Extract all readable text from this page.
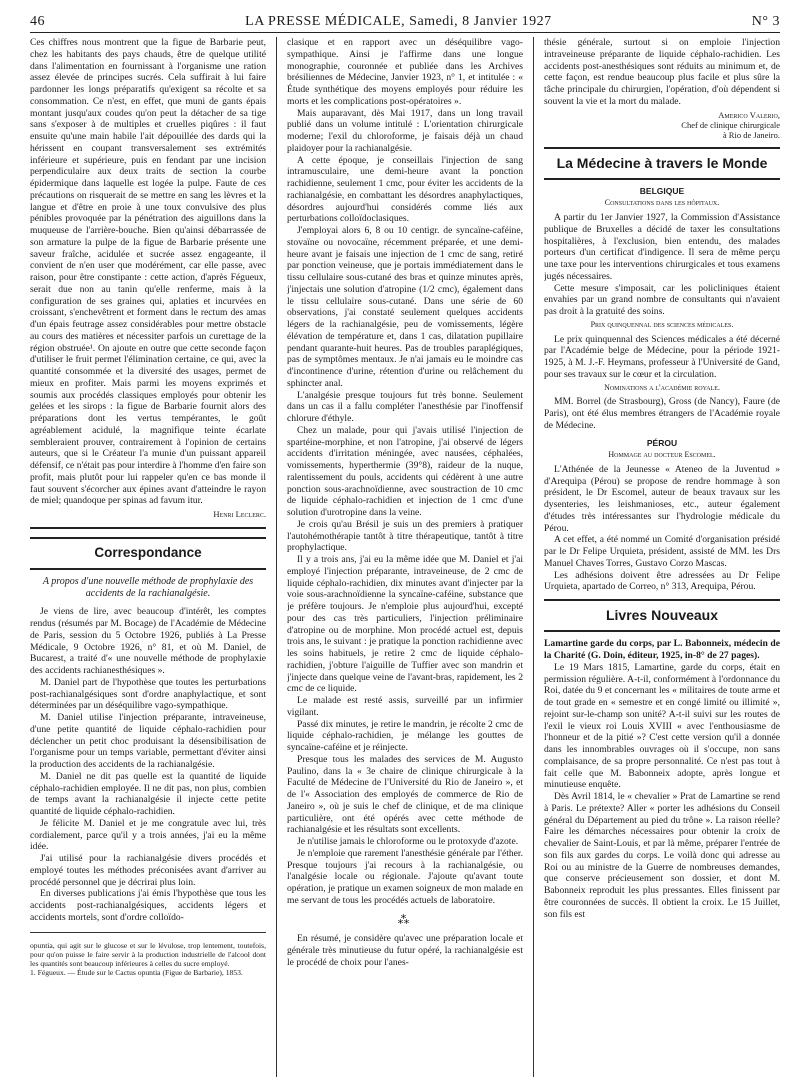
46	LA PRESSE MÉDICALE, Samedi, 8 Janvier 1927	N° 3

Ces chiffres nous montrent que la figue de Barbarie peut, chez les habitants des pays chauds, être de quelque utilité dans l'alimentation en fournissant à l'organisme une ration assez élevée de principes sucrés. Cela suffirait à lui faire pardonner les longs préparatifs qu'exigent sa récolte et sa consommation. Ce n'est, en effet, que muni de gants épais montant jusqu'aux coudes qu'on peut la détacher de sa tige sans s'exposer à de multiples et cruelles piqûres : il faut ensuite qu'une main habile l'ait dépouillée des dards qui la hérissent en coupant transversalement ses extrémités inférieure et supérieure, puis en fendant par une incision perpendiculaire aux deux traits de section la courbe épidermique dans laquelle est logée la pulpe. Faute de ces précautions on risquerait de se mettre en sang les lèvres et la langue et d'être en proie à une toux convulsive des plus pénibles provoquée par la pénétration des aiguillons dans la muqueuse de l'arrière-bouche. Bien qu'ainsi débarrassée de son armature la pulpe de la figue de Barbarie présente une saveur fraîche, acidulée et sucrée assez engageante, il convient de n'en user que modérément, car elle passe, avec raison, pour être constipante : cette action, d'après Fégueux, serait due non au tanin qu'elle renferme, mais à la configuration de ses graines qui, aplaties et incurvées en croissant, s'enchevêtrent et forment dans le rectum des amas d'un épais feutrage assez considérables pour mettre obstacle au cours des matières et nécessiter parfois un curettage de la région obstruée¹. On ajoute en outre que cette seconde façon d'utiliser le fruit permet l'élimination certaine, ce qui, avec la quantité consommée et la diversité des usages, permet de mieux en profiter. Mais parmi les moyens exprimés et soumis aux procédés classiques employés pour obtenir les gelées et les sirops : la figue de Barbarie fournit alors des préparations dont les vertus tempérantes, le goût agréablement acidulé, la magnifique teinte écarlate sembleraient prouver, contrairement à l'opinion de certains auteurs, que si le Créateur l'a munie d'un puissant appareil défensif, ce n'était pas pour interdire à l'homme d'en faire son profit, mais plutôt pour lui rappeler qu'en ce bas monde il faut souvent s'écorcher aux épines avant d'atteindre le rayon de miel; quandoque per spinas ad favum itur.

Henri Leclerc.
Correspondance
A propos d'une nouvelle méthode de prophylaxie des accidents de la rachianalgésie.

Je viens de lire, avec beaucoup d'intérêt, les comptes rendus (résumés par M. Bocage) de l'Académie de Médecine de Paris, session du 5 Octobre 1926, publiés à La Presse Médicale, 9 Octobre 1926, n° 81, et où M. Daniel, de Bucarest, a traité d'« une nouvelle méthode de prophylaxie des accidents rachianesthésiques ».

M. Daniel part de l'hypothèse que toutes les perturbations post-rachianalgésiques sont d'ordre anaphylactique, et sont déterminées par un déséquilibre vago-sympathique.

M. Daniel utilise l'injection préparante, intraveineuse, d'une petite quantité de liquide céphalo-rachidien pour déclencher un petit choc produisant la désensibilisation de l'organisme pour un temps variable, permettant d'éviter ainsi la production des accidents de la rachianalgésie.

M. Daniel ne dit pas quelle est la quantité de liquide céphalo-rachidien employée. Il ne dit pas, non plus, combien de temps avant la rachianalgésie il injecte cette petite quantité de liquide céphalo-rachidien.

Je félicite M. Daniel et je me congratule avec lui, très cordialement, parce qu'il y a trois années, j'ai eu la même idée.

J'ai utilisé pour la rachianalgésie divers procédés et employé toutes les méthodes préconisées avant d'arriver au procédé personnel que je décrirai plus loin.

En diverses publications j'ai émis l'hypothèse que tous les accidents post-rachianalgésiques, accidents légers et accidents mortels, sont d'ordre colloïdo-

opuntia, qui agit sur le glucose et sur le lévulose, trop lentement, toutefois, pour qu'on puisse le faire servir à la production industrielle de l'alcool dont les quantités sont beaucoup inférieures à celles du sucre employé.

1. Fégueux. — Étude sur le Cactus opuntia (Figue de Barbarie), 1853.

clasique et en rapport avec un déséquilibre vago-sympathique. Ainsi je l'affirme dans une longue monographie, couronnée et publiée dans les Archives brésiliennes de Médecine, Janvier 1923, n° 1, et intitulée : « Étude synthétique des moyens employés pour réduire les morts et les complications post-opératoires ».

Mais auparavant, dès Mai 1917, dans un long travail publié dans un volume intitulé : L'orientation chirurgicale moderne; l'exil du chloroforme, je faisais déjà un chaud plaidoyer pour la rachianalgésie.

A cette époque, je conseillais l'injection de sang intramusculaire, une demi-heure avant la ponction rachidienne, seulement 1 cmc, pour éviter les accidents de la rachianalgésie, en combattant les désordres anaphylactiques, désordres aujourd'hui considérés comme liés aux perturbations colloïdoclasiques.

J'employai alors 6, 8 ou 10 centigr. de syncaïne-caféine, stovaïne ou novocaïne, récemment préparée, et une demi-heure avant je faisais une injection de 1 cmc de sang, retiré par ponction veineuse, que je portais immédiatement dans le tissu cellulaire sous-cutané des bras et quinze minutes après, j'injectais une solution d'atropine (1/2 cmc), également dans le tissu cellulaire sous-cutané. Dans une série de 60 observations, j'ai constaté seulement quelques accidents légers de la rachianalgésie, peu de vomissements, légère élévation de température et, dans 1 cas, dilatation pupillaire pendant quarante-huit heures. Pas de troubles paraplégiques, pas de symptômes mentaux. Je n'ai jamais eu le moindre cas d'incontinence d'urine, rétention d'urine ou relâchement du sphincter anal.

L'analgésie presque toujours fut très bonne. Seulement dans un cas il a fallu compléter l'anesthésie par l'inoffensif chlorure d'éthyle.

Chez un malade, pour qui j'avais utilisé l'injection de spartéine-morphine, et non l'atropine, j'ai observé de légers accidents d'irritation méningée, avec nausées, céphalées, vomissements, hyperthermie (39°8), raideur de la nuque, ralentissement du pouls, accidents qui cédèrent à une autre ponction sous-arachnoïdienne, avec soustraction de 10 cmc de liquide céphalo-rachidien et injection de 1 cmc d'une solution d'urotropine dans la veine.

Je crois qu'au Brésil je suis un des premiers à pratiquer l'autohémothérapie tantôt à titre thérapeutique, tantôt à titre prophylactique.

Il y a trois ans, j'ai eu la même idée que M. Daniel et j'ai employé l'injection préparante, intraveineuse, de 2 cmc de liquide céphalo-rachidien, dix minutes avant d'injecter par la voie sous-arachnoïdienne la syncaïne-caféine, substance que je préfère toujours. Je n'emploie plus aujourd'hui, excepté pour des cas très particuliers, l'injection préliminaire d'atropine ou de morphine. Mon procédé actuel est, depuis trois ans, le suivant : je pratique la ponction rachidienne avec les soins habituels, je retire 2 cmc de liquide céphalo-rachidien, j'obture l'aiguille de Tuffier avec son mandrin et j'injecte dans quelque veine de l'avant-bras, rapidement, les 2 cmc de ce liquide.

Le malade est resté assis, surveillé par un infirmier vigilant.

Passé dix minutes, je retire le mandrin, je récolte 2 cmc de liquide céphalo-rachidien, je mélange les gouttes de syncaïne-caféine et je réinjecte.

Presque tous les malades des services de M. Augusto Paulino, dans la « 3e chaire de clinique chirurgicale à la Faculté de Médecine de l'Université du Rio de Janeiro », et de l'« Association des employés de commerce de Rio de Janeiro », où je suis le chef de clinique, et de ma clinique particulière, ont été opérés avec cette méthode de rachianalgésie et les résultats sont excellents.

Je n'utilise jamais le chloroforme ou le protoxyde d'azote.

Je n'emploie que rarement l'anesthésie générale par l'éther. Presque toujours j'ai recours à la rachianalgésie, ou l'analgésie locale ou régionale. J'ajoute qu'avant toute opération, je pratique un examen soigneux de mon malade en me servant de tous les procédés actuels de laboratoire.

⁂

En résumé, je considère qu'avec une préparation locale et générale très minutieuse du futur opéré, la rachianalgésie est le procédé de choix pour l'anes-

thésie générale, surtout si on emploie l'injection intraveineuse préparante de liquide céphalo-rachidien. Les accidents post-anesthésiques sont réduits au minimum et, de cette façon, est rendue beaucoup plus facile et plus sûre la tâche principale du chirurgien, l'opération, d'où dépendent si souvent la vie et la mort du malade.

Americo Valerio,
Chef de clinique chirurgicale
à Rio de Janeiro.
La Médecine à travers le Monde
BELGIQUE
Consultations dans les hôpitaux.

A partir du 1er Janvier 1927, la Commission d'Assistance publique de Bruxelles a décidé de taxer les consultations hospitalières, à l'exclusion, bien entendu, des malades porteurs d'un certificat d'indigence. Il sera de même perçu une taxe pour les interventions chirurgicales et tous examens jugés nécessaires.

Cette mesure s'imposait, car les policliniques étaient envahies par un grand nombre de consultants qui n'avaient pas droit à la gratuité des soins.

Prix quinquennal des sciences médicales.

Le prix quinquennal des Sciences médicales a été décerné par l'Académie belge de Médecine, pour la période 1921-1925, à M. J.-F. Heymans, professeur à l'Université de Gand, pour ses travaux sur le cœur et la circulation.

Nominations a l'académie royale.

MM. Borrel (de Strasbourg), Gross (de Nancy), Faure (de Paris), ont été élus membres étrangers de l'Académie royale de Médecine.

PÉROU
Hommage au docteur Escomel.

L'Athénée de la Jeunesse « Ateneo de la Juventud » d'Arequipa (Pérou) se propose de rendre hommage à son président, le Dr Escomel, auteur de beaux travaux sur les dysenteries, les leishmanioses, etc., auteur également d'études très intéressantes sur l'hydrologie médicale du Pérou.

A cet effet, a été nommé un Comité d'organisation présidé par le Dr Felipe Urquieta, président, assisté de MM. les Drs Manuel Chaves Torres, Gustavo Corzo Mascas.

Les adhésions doivent être adressées au Dr Felipe Urquieta, apartado de Correo, n° 313, Arequipa, Pérou.

Livres Nouveaux

Lamartine garde du corps, par L. Babonneix, médecin de la Charité (G. Doin, éditeur, 1925, in-8° de 27 pages).

Le 19 Mars 1815, Lamartine, garde du corps, était en permission régulière. A-t-il, conformément à l'ordonnance du Roi, datée du 9 et concernant les « militaires de toute arme et de tout grade en « semestre et en congé limité ou illimité », rejoint sur-le-champ son unité? A-t-il suivi sur les routes de l'exil le vieux roi Louis XVIII « avec l'enthousiasme de l'honneur et de la pitié »? C'est cette version qu'il a donnée dans les innombrables ouvrages où il s'occupe, non sans complaisance, de sa propre personnalité. Ce n'est pas tout à fait celle que M. Babonneix adopte, après longue et minutieuse enquête.

Dès Avril 1814, le « chevalier » Prat de Lamartine se rend à Paris. Le prétexte? Aller « porter les adhésions du Conseil général du Département au pied du trône ». La raison réelle? Faire les démarches nécessaires pour obtenir la croix de chevalier de Saint-Louis, et par là même, préparer l'entrée de son fils aux gardes du corps. Le voilà donc qui adresse au Roi ou au ministre de la Guerre de nombreuses demandes, que conserve précieusement son dossier, et dont M. Babonneix reproduit les plus pressantes. Elles finissent par être couronnées de succès. Il obtient la croix. Le 15 Juillet, son fils est
